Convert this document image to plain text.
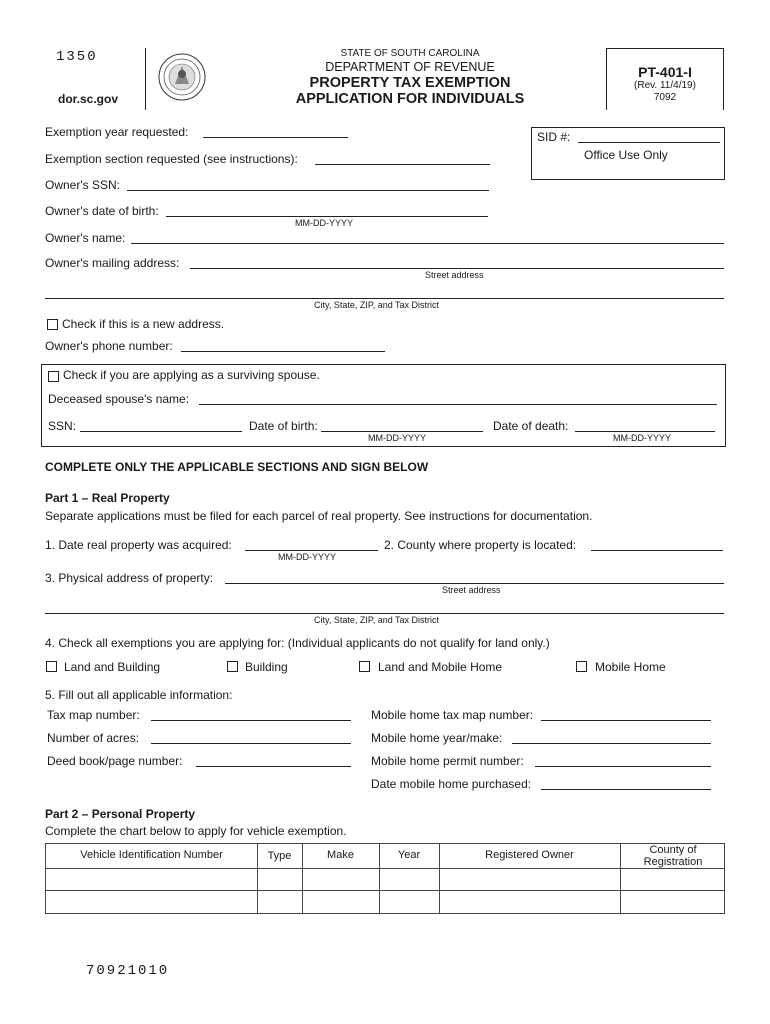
1350
dor.sc.gov
STATE OF SOUTH CAROLINA
DEPARTMENT OF REVENUE
PROPERTY TAX EXEMPTION
APPLICATION FOR INDIVIDUALS
PT-401-I
(Rev. 11/4/19)
7092
SID #:
Office Use Only
Exemption year requested:
Exemption section requested (see instructions):
Owner's SSN:
Owner's date of birth:
MM-DD-YYYY
Owner's name:
Owner's mailing address:
Street address
City, State, ZIP, and Tax District
Check if this is a new address.
Owner's phone number:
Check if you are applying as a surviving spouse.
Deceased spouse's name:
SSN:	Date of birth:
MM-DD-YYYY
Date of death:
MM-DD-YYYY
COMPLETE ONLY THE APPLICABLE SECTIONS AND SIGN BELOW
Part 1 – Real Property
Separate applications must be filed for each parcel of real property. See instructions for documentation.
1. Date real property was acquired:
MM-DD-YYYY
2. County where property is located:
3. Physical address of property:
Street address
City, State, ZIP, and Tax District
4. Check all exemptions you are applying for: (Individual applicants do not qualify for land only.)
Land and Building	Building	Land and Mobile Home	Mobile Home
5. Fill out all applicable information:
Tax map number:	Mobile home tax map number:
Number of acres:	Mobile home year/make:
Deed book/page number:	Mobile home permit number:
Date mobile home purchased:
Part 2 – Personal Property
Complete the chart below to apply for vehicle exemption.
Vehicle Identification Number	Type	Make	Year	Registered Owner	County of Registration
70921010
